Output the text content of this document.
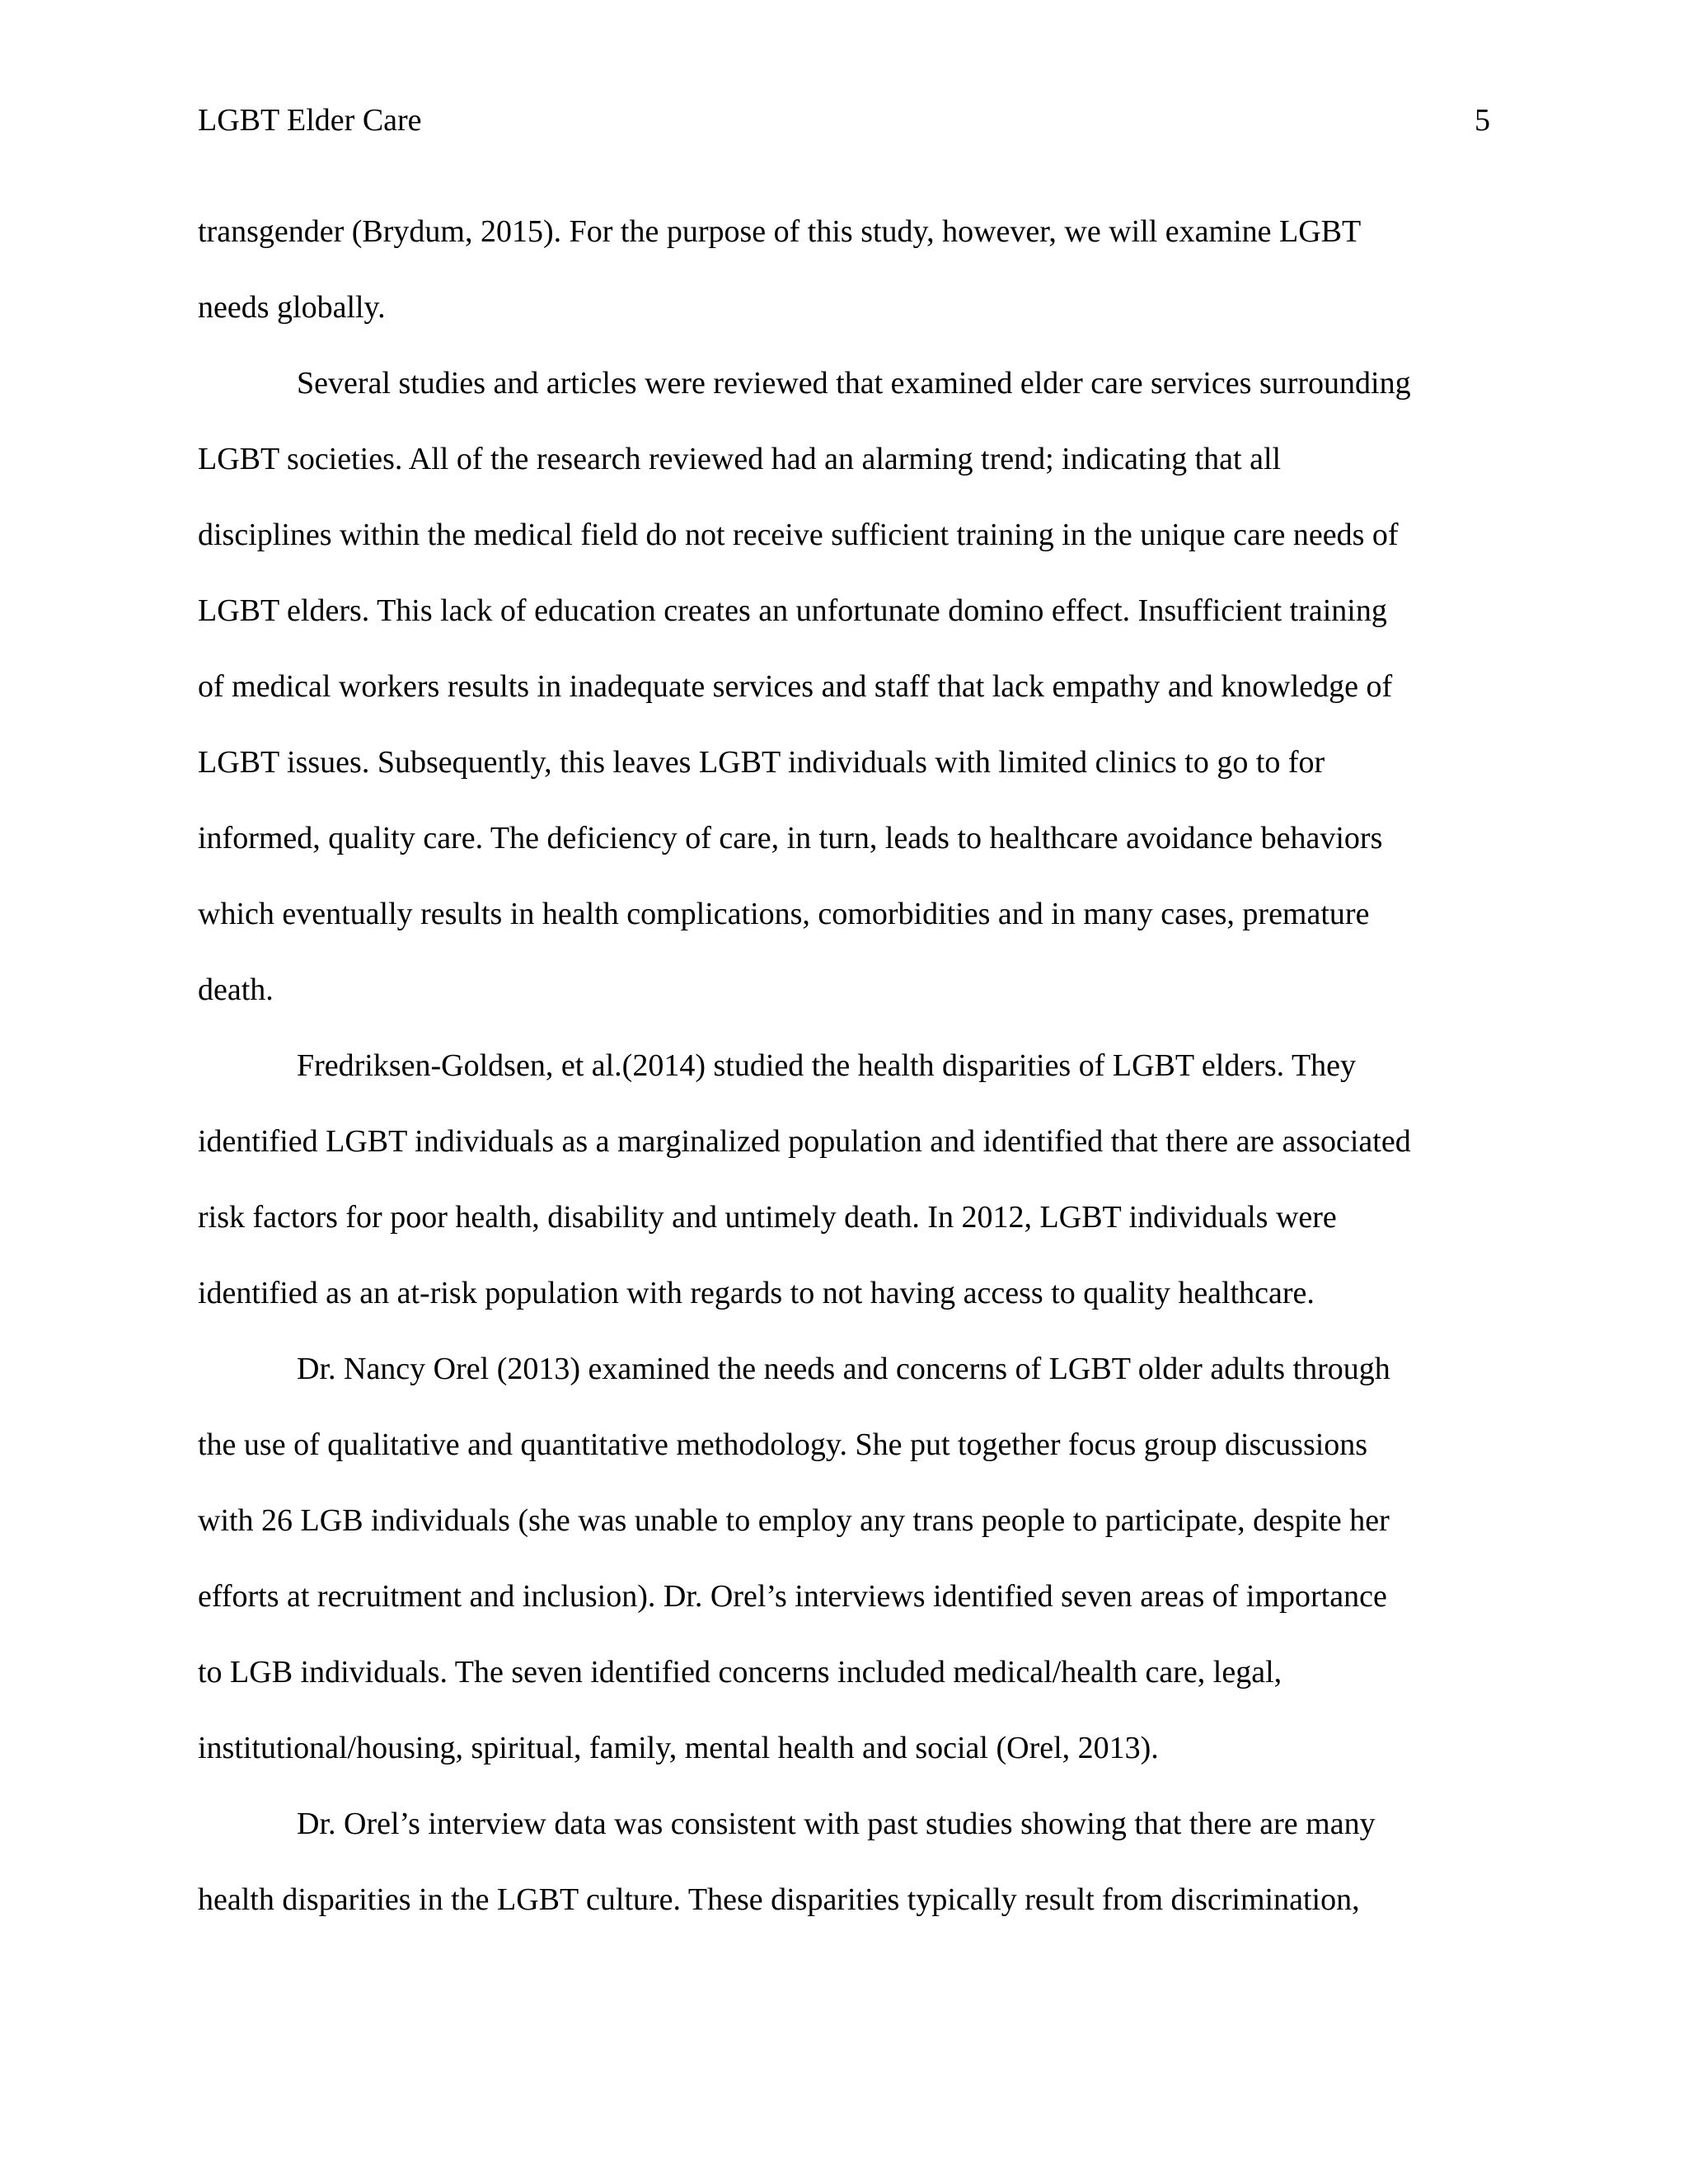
LGBT Elder Care	5
transgender (Brydum, 2015). For the purpose of this study, however, we will examine LGBT
needs globally.
Several studies and articles were reviewed that examined elder care services surrounding
LGBT societies. All of the research reviewed had an alarming trend; indicating that all
disciplines within the medical field do not receive sufficient training in the unique care needs of
LGBT elders. This lack of education creates an unfortunate domino effect. Insufficient training
of medical workers results in inadequate services and staff that lack empathy and knowledge of
LGBT issues. Subsequently, this leaves LGBT individuals with limited clinics to go to for
informed, quality care. The deficiency of care, in turn, leads to healthcare avoidance behaviors
which eventually results in health complications, comorbidities and in many cases, premature
death.
Fredriksen-Goldsen, et al.(2014) studied the health disparities of LGBT elders. They
identified LGBT individuals as a marginalized population and identified that there are associated
risk factors for poor health, disability and untimely death. In 2012, LGBT individuals were
identified as an at-risk population with regards to not having access to quality healthcare.
Dr. Nancy Orel (2013) examined the needs and concerns of LGBT older adults through
the use of qualitative and quantitative methodology. She put together focus group discussions
with 26 LGB individuals (she was unable to employ any trans people to participate, despite her
efforts at recruitment and inclusion). Dr. Orel’s interviews identified seven areas of importance
to LGB individuals. The seven identified concerns included medical/health care, legal,
institutional/housing, spiritual, family, mental health and social (Orel, 2013).
Dr. Orel’s interview data was consistent with past studies showing that there are many
health disparities in the LGBT culture. These disparities typically result from discrimination,
